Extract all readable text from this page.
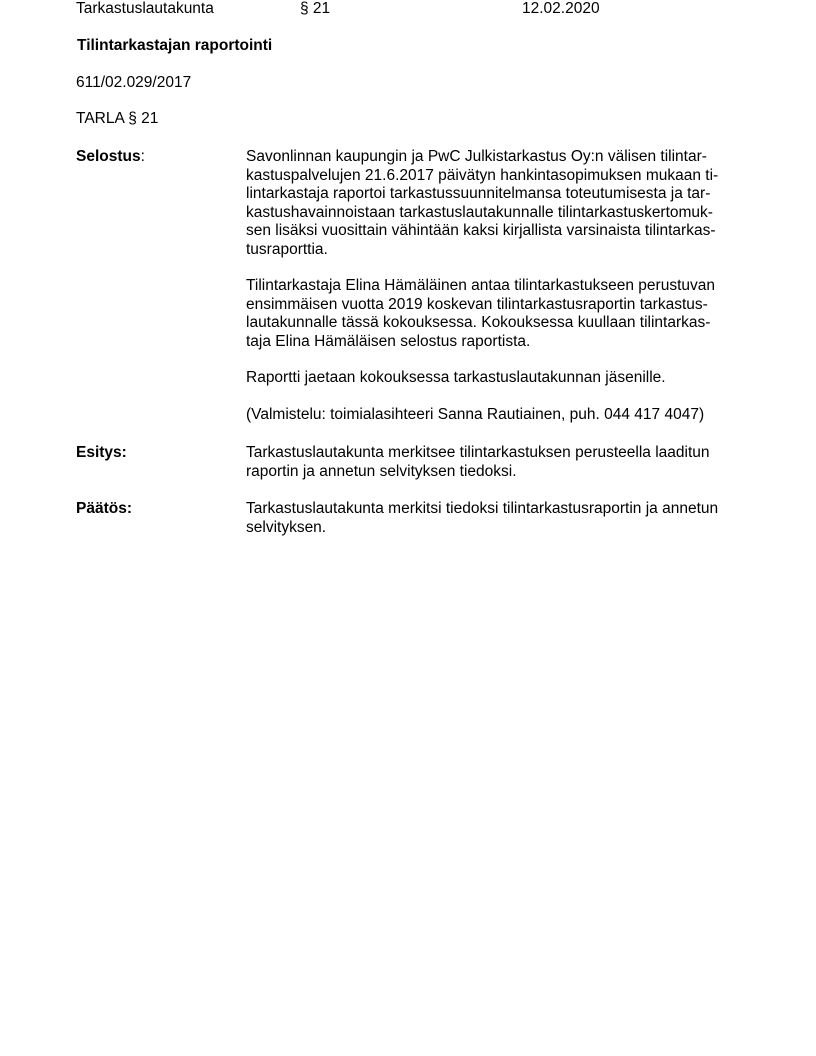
Tarkastuslautakunta	§ 21	12.02.2020
Tilintarkastajan raportointi
611/02.029/2017
TARLA § 21
Selostus:	Savonlinnan kaupungin ja PwC Julkistarkastus Oy:n välisen tilintar-
kastuspalvelujen 21.6.2017 päivätyn hankintasopimuksen mukaan ti-
lintarkastaja raportoi tarkastussuunnitelmansa toteutumisesta ja tar-
kastushavainnoistaan tarkastuslautakunnalle tilintarkastuskertomuk-
sen lisäksi vuosittain vähintään kaksi kirjallista varsinaista tilintarkas-
tusraporttia.

Tilintarkastaja Elina Hämäläinen antaa tilintarkastukseen perustuvan
ensimmäisen vuotta 2019 koskevan tilintarkastusraportin tarkastus-
lautakunnalle tässä kokouksessa. Kokouksessa kuullaan tilintarkas-
taja Elina Hämäläisen selostus raportista.

Raportti jaetaan kokouksessa tarkastuslautakunnan jäsenille.

(Valmistelu: toimialasihteeri Sanna Rautiainen, puh. 044 417 4047)

Esitys:	Tarkastuslautakunta merkitsee tilintarkastuksen perusteella laaditun
raportin ja annetun selvityksen tiedoksi.

Päätös:	Tarkastuslautakunta merkitsi tiedoksi tilintarkastusraportin ja annetun
selvityksen.
